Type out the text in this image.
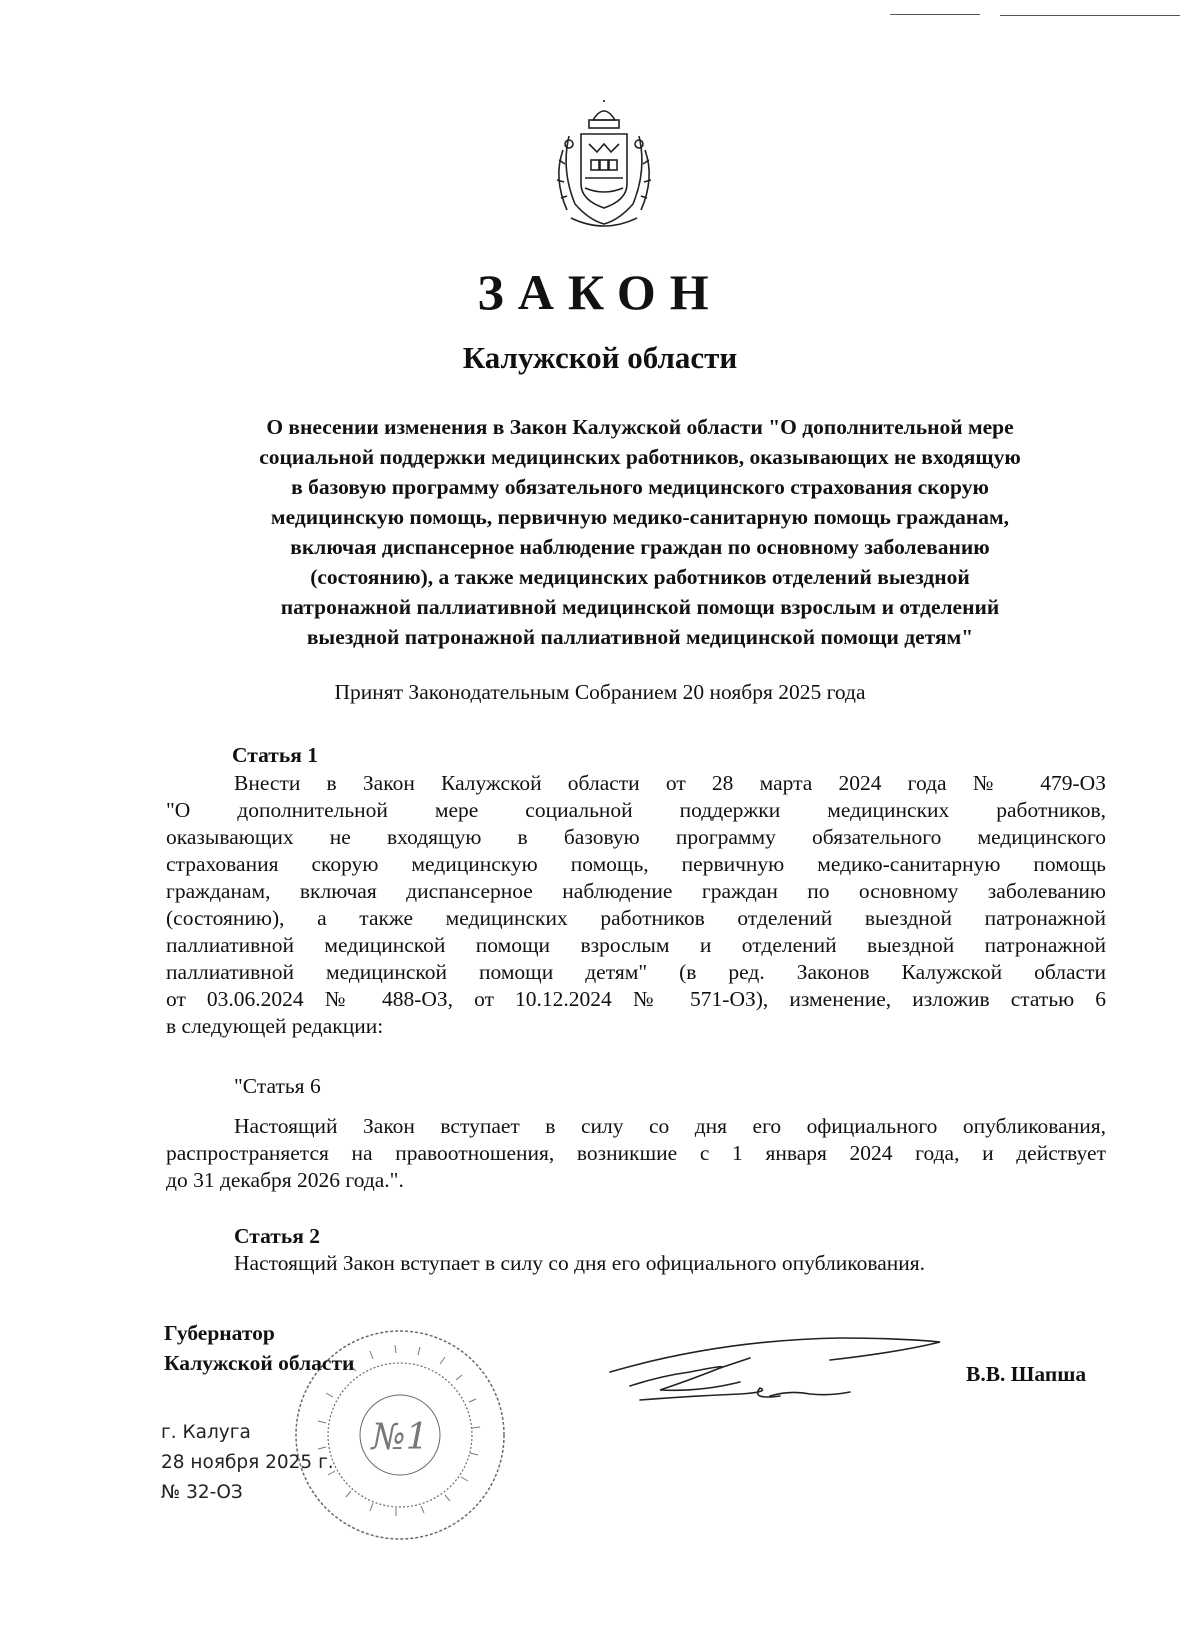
ЗАКОН
Калужской области
О внесении изменения в Закон Калужской области "О дополнительной мере
социальной поддержки медицинских работников, оказывающих не входящую
в базовую программу обязательного медицинского страхования скорую
медицинскую помощь, первичную медико-санитарную помощь гражданам,
включая диспансерное наблюдение граждан по основному заболеванию
(состоянию), а также медицинских работников отделений выездной
патронажной паллиативной медицинской помощи взрослым и отделений
выездной патронажной паллиативной медицинской помощи детям"
Принят Законодательным Собранием 20 ноября 2025 года
Статья 1
Внести в Закон Калужской области от 28 марта 2024 года № 479-ОЗ
"О дополнительной мере социальной поддержки медицинских работников,
оказывающих не входящую в базовую программу обязательного медицинского
страхования скорую медицинскую помощь, первичную медико-санитарную помощь
гражданам, включая диспансерное наблюдение граждан по основному заболеванию
(состоянию), а также медицинских работников отделений выездной патронажной
паллиативной медицинской помощи взрослым и отделений выездной патронажной
паллиативной медицинской помощи детям" (в ред. Законов Калужской области
от 03.06.2024 № 488-ОЗ, от 10.12.2024 № 571-ОЗ), изменение, изложив статью 6
в следующей редакции:
"Статья 6
Настоящий Закон вступает в силу со дня его официального опубликования,
распространяется на правоотношения, возникшие с 1 января 2024 года, и действует
до 31 декабря 2026 года.".
Статья 2
Настоящий Закон вступает в силу со дня его официального опубликования.
№1
Губернатор
Калужской области	В.В. Шапша
г. Калуга
28 ноября 2025 г.
№ 32-ОЗ
